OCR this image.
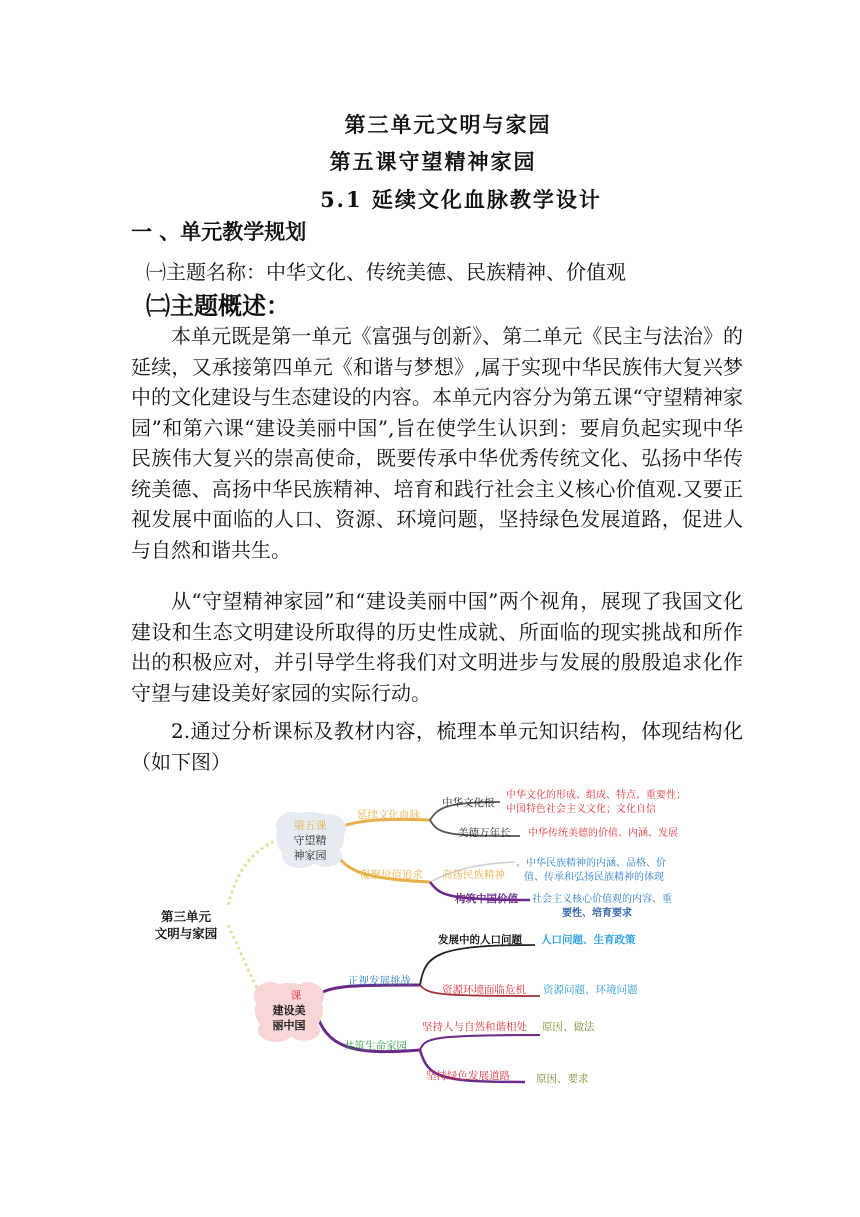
第三单元文明与家园
第五课守望精神家园
5.1 延续文化血脉教学设计
一 、单元教学规划
㈠主题名称：中华文化、传统美德、民族精神、价值观
㈡主题概述：

本单元既是第一单元《富强与创新》、第二单元《民主与法治》的延续，又承接第四单元《和谐与梦想》,属于实现中华民族伟大复兴梦中的文化建设与生态建设的内容。本单元内容分为第五课“守望精神家园”和第六课“建设美丽中国”,旨在使学生认识到：要肩负起实现中华民族伟大复兴的崇高使命，既要传承中华优秀传统文化、弘扬中华传统美德、高扬中华民族精神、培育和践行社会主义核心价值观.又要正视发展中面临的人口、资源、环境问题，坚持绿色发展道路，促进人与自然和谐共生。

从“守望精神家园”和“建设美丽中国”两个视角，展现了我国文化建设和生态文明建设所取得的历史性成就、所面临的现实挑战和所作出的积极应对，并引导学生将我们对文明进步与发展的殷殷追求化作守望与建设美好家园的实际行动。

2.通过分析课标及教材内容，梳理本单元知识结构，体现结构化（如下图）

第三单元
文明与家园
第五课
守望精
神家园
课
建设美
丽中国
延续文化血脉
凝聚价值追求 高扬民族精神
中华文化根
中华文化的形成、组成、特点、重要性；
中国特色社会主义文化；文化自信
美德万年长 中华传统美德的价值、内涵、发展
、中华民族精神的内涵、品格、价
值、传承和弘扬民族精神的体现
构筑中国价值 社会主义核心价值观的内容、重
要性、培育要求
正视发展挑战
发展中的人口问题 人口问题、生育政策
资源环境面临危机 资源问题、环境问题
共筑生命家园
坚持人与自然和谐相处 原因、做法
坚持绿色发展道路 原因、要求
